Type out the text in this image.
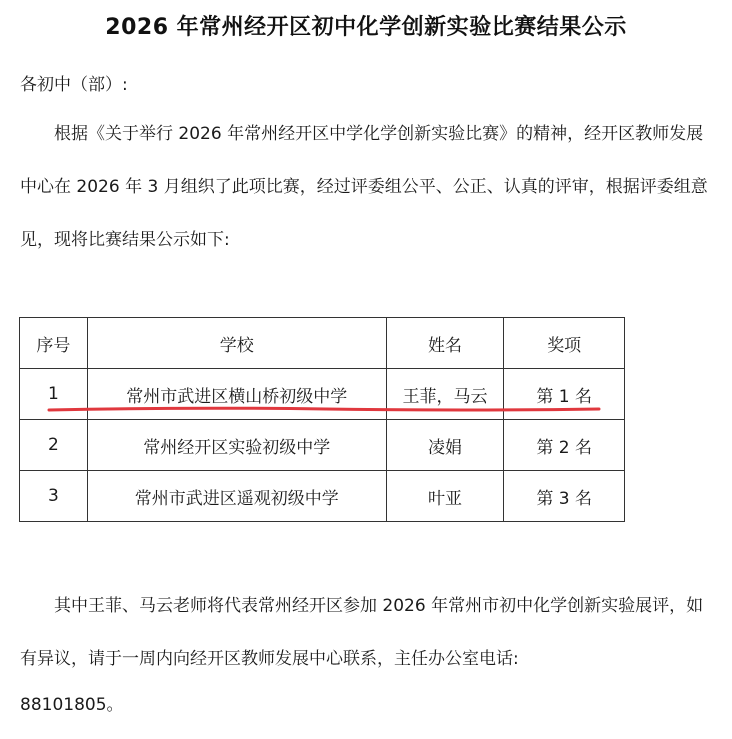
2026 年常州经开区初中化学创新实验比赛结果公示
各初中（部）:
根据《关于举行 2026 年常州经开区中学化学创新实验比赛》的精神，经开区教师发展中心在 2026 年 3 月组织了此项比赛，经过评委组公平、公正、认真的评审，根据评委组意见，现将比赛结果公示如下:
序号	学校	姓名	奖项
1	常州市武进区横山桥初级中学	王菲，马云	第 1 名
2	常州经开区实验初级中学	凌娟	第 2 名
3	常州市武进区遥观初级中学	叶亚	第 3 名
其中王菲、马云老师将代表常州经开区参加 2026 年常州市初中化学创新实验展评，如有异议，请于一周内向经开区教师发展中心联系，主任办公室电话:
88101805。
